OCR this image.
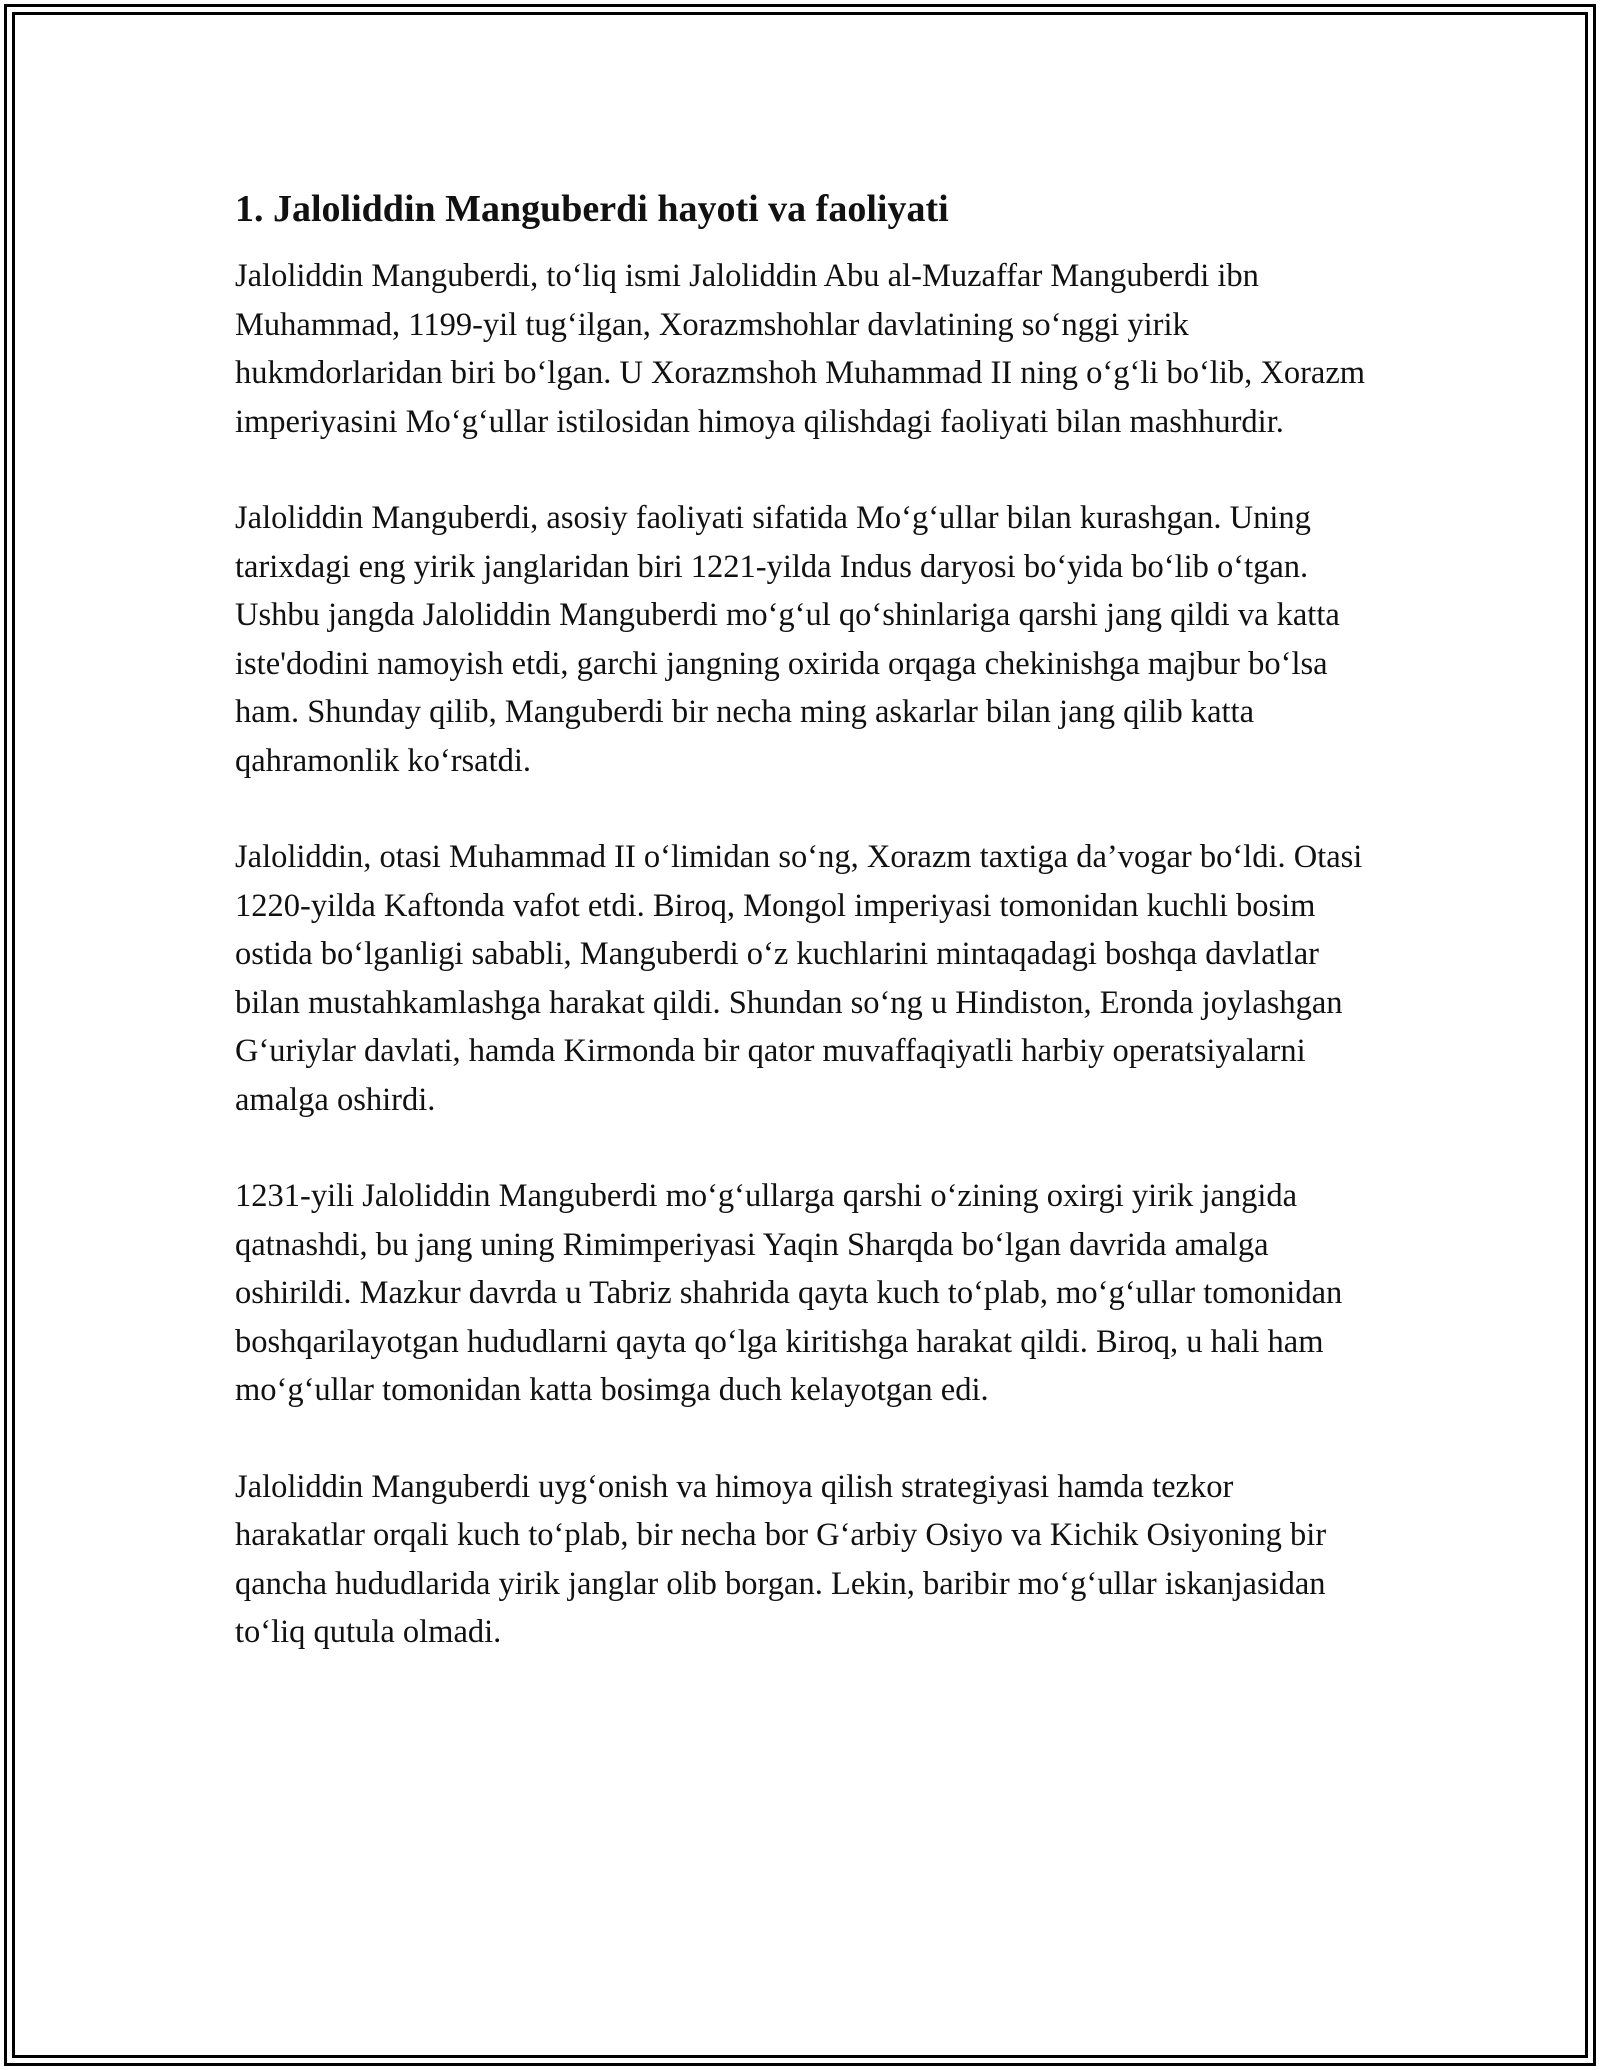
1. Jaloliddin Manguberdi hayoti va faoliyati

Jaloliddin Manguberdi, to‘liq ismi Jaloliddin Abu al-Muzaffar Manguberdi ibn Muhammad, 1199-yil tug‘ilgan, Xorazmshohlar davlatining so‘nggi yirik hukmdorlaridan biri bo‘lgan. U Xorazmshoh Muhammad II ning o‘g‘li bo‘lib, Xorazm imperiyasini Mo‘g‘ullar istilosidan himoya qilishdagi faoliyati bilan mashhurdir.

Jaloliddin Manguberdi, asosiy faoliyati sifatida Mo‘g‘ullar bilan kurashgan. Uning tarixdagi eng yirik janglaridan biri 1221-yilda Indus daryosi bo‘yida bo‘lib o‘tgan. Ushbu jangda Jaloliddin Manguberdi mo‘g‘ul qo‘shinlariga qarshi jang qildi va katta iste'dodini namoyish etdi, garchi jangning oxirida orqaga chekinishga majbur bo‘lsa ham. Shunday qilib, Manguberdi bir necha ming askarlar bilan jang qilib katta qahramonlik ko‘rsatdi.

Jaloliddin, otasi Muhammad II o‘limidan so‘ng, Xorazm taxtiga da’vogar bo‘ldi. Otasi 1220-yilda Kaftonda vafot etdi. Biroq, Mongol imperiyasi tomonidan kuchli bosim ostida bo‘lganligi sababli, Manguberdi o‘z kuchlarini mintaqadagi boshqa davlatlar bilan mustahkamlashga harakat qildi. Shundan so‘ng u Hindiston, Eronda joylashgan G‘uriylar davlati, hamda Kirmonda bir qator muvaffaqiyatli harbiy operatsiyalarni amalga oshirdi.

1231-yili Jaloliddin Manguberdi mo‘g‘ullarga qarshi o‘zining oxirgi yirik jangida qatnashdi, bu jang uning Rimimperiyasi Yaqin Sharqda bo‘lgan davrida amalga oshirildi. Mazkur davrda u Tabriz shahrida qayta kuch to‘plab, mo‘g‘ullar tomonidan boshqarilayotgan hududlarni qayta qo‘lga kiritishga harakat qildi. Biroq, u hali ham mo‘g‘ullar tomonidan katta bosimga duch kelayotgan edi.

Jaloliddin Manguberdi uyg‘onish va himoya qilish strategiyasi hamda tezkor harakatlar orqali kuch to‘plab, bir necha bor G‘arbiy Osiyo va Kichik Osiyoning bir qancha hududlarida yirik janglar olib borgan. Lekin, baribir mo‘g‘ullar iskanjasidan to‘liq qutula olmadi.
